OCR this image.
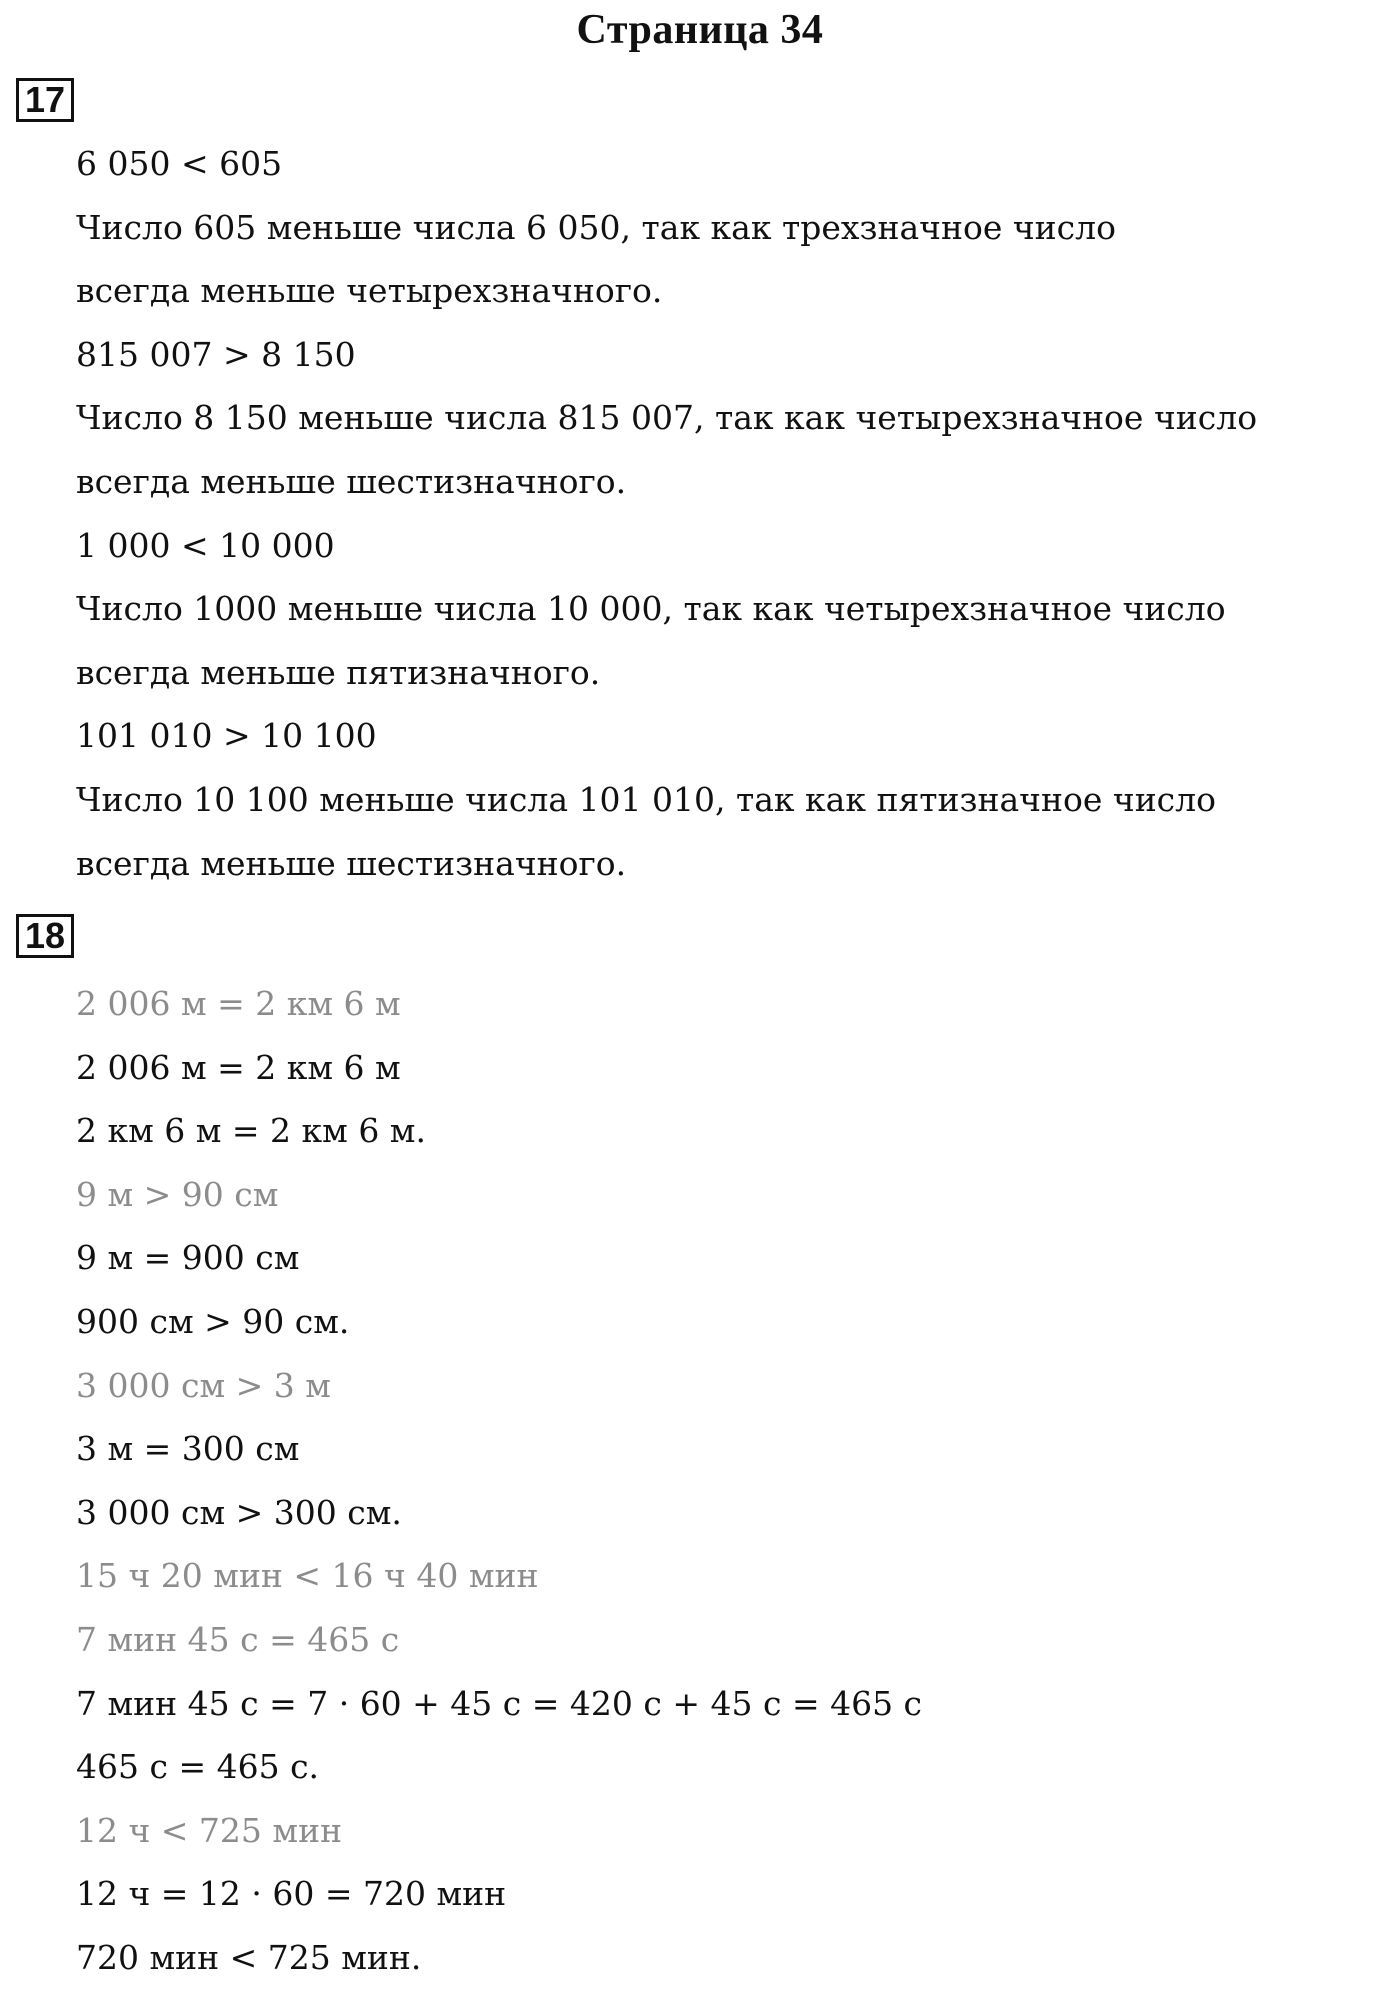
Страница 34
17
6 050 < 605
Число 605 меньше числа 6 050, так как трехзначное число
всегда меньше четырехзначного.
815 007 > 8 150
Число 8 150 меньше числа 815 007, так как четырехзначное число
всегда меньше шестизначного.
1 000 < 10 000
Число 1000 меньше числа 10 000, так как четырехзначное число
всегда меньше пятизначного.
101 010 > 10 100
Число 10 100 меньше числа 101 010, так как пятизначное число
всегда меньше шестизначного.
18
2 006 м = 2 км 6 м
2 006 м = 2 км 6 м
2 км 6 м = 2 км 6 м.
9 м > 90 см
9 м = 900 см
900 см > 90 см.
3 000 см > 3 м
3 м = 300 см
3 000 см > 300 см.
15 ч 20 мин < 16 ч 40 мин
7 мин 45 с = 465 с
7 мин 45 с = 7 · 60 + 45 с = 420 с + 45 с = 465 с
465 с = 465 с.
12 ч < 725 мин
12 ч = 12 · 60 = 720 мин
720 мин < 725 мин.
